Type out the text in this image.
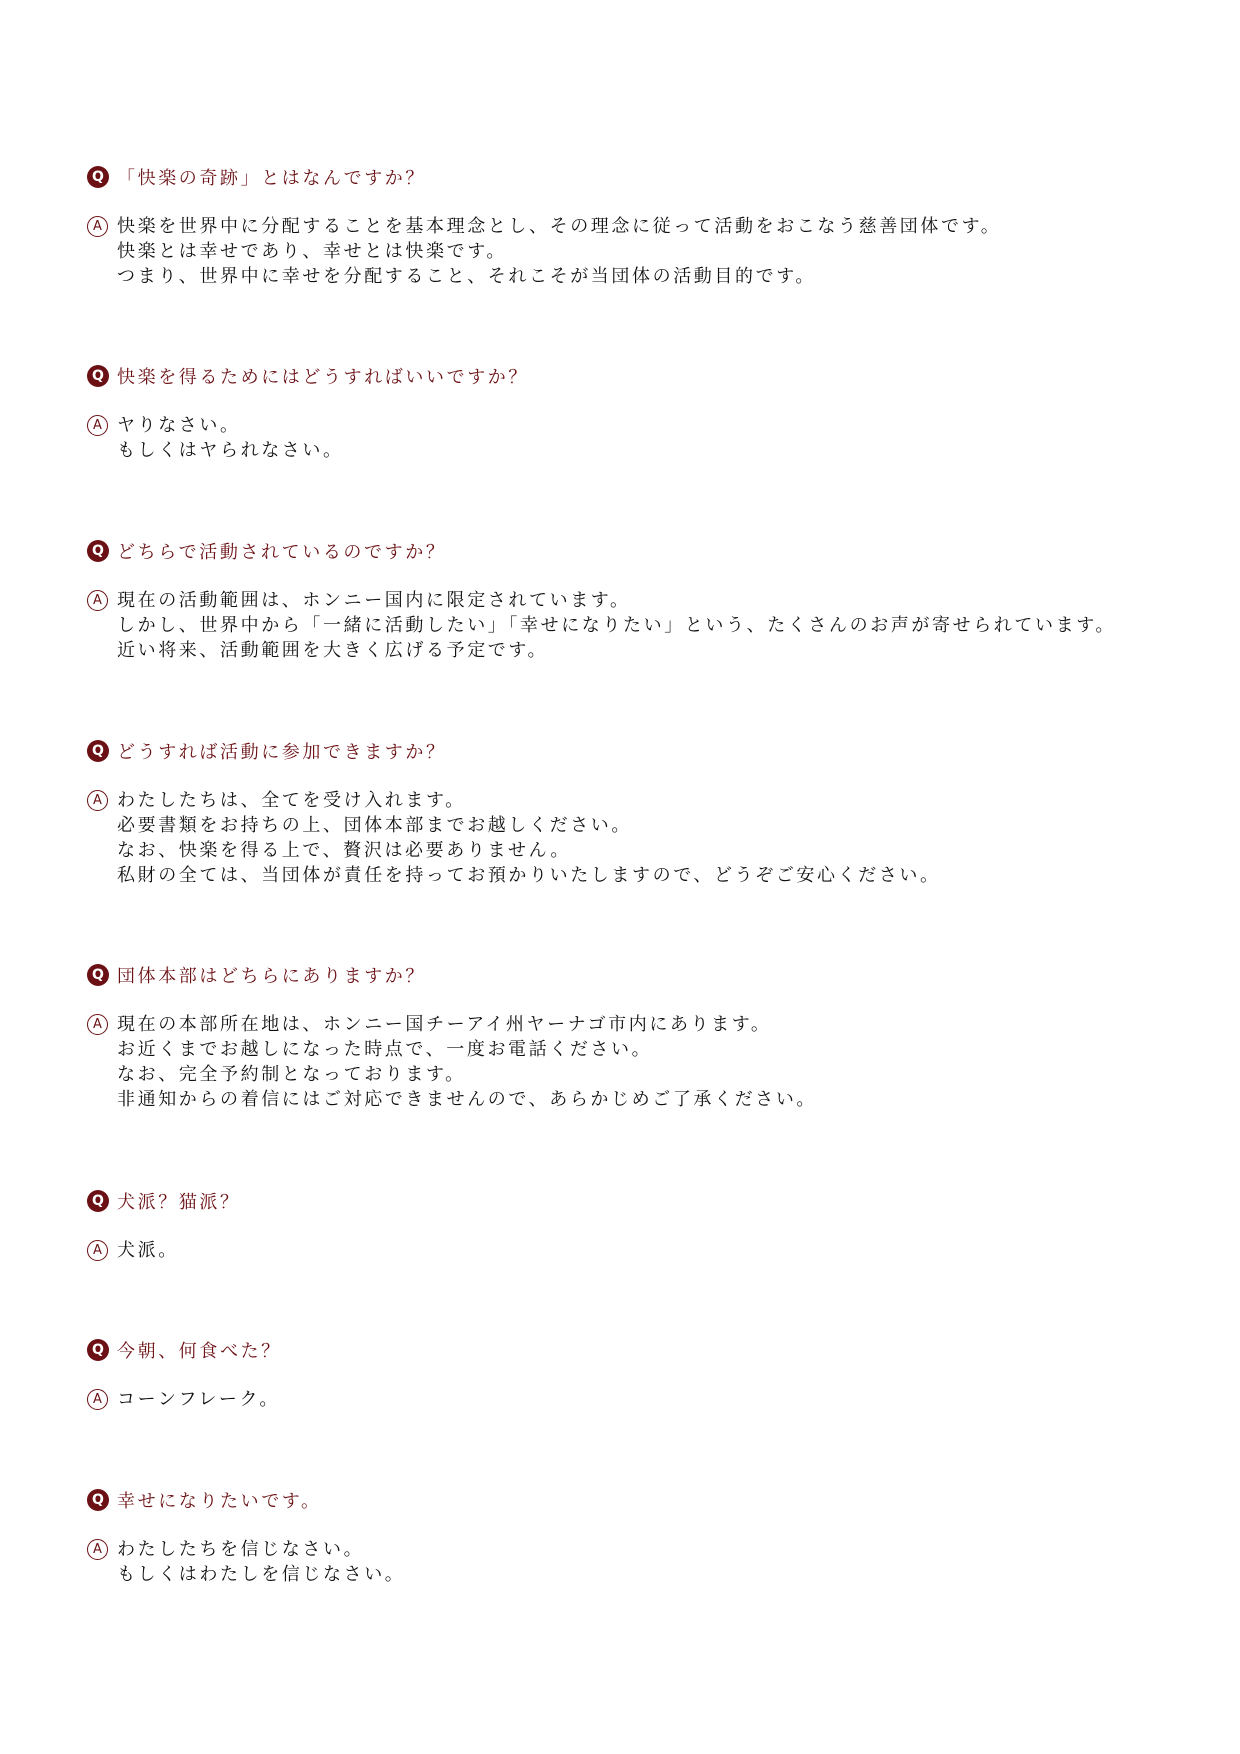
Q 「快楽の奇跡」とはなんですか？
A 快楽を世界中に分配することを基本理念とし、その理念に従って活動をおこなう慈善団体です。
快楽とは幸せであり、幸せとは快楽です。
つまり、世界中に幸せを分配すること、それこそが当団体の活動目的です。
Q 快楽を得るためにはどうすればいいですか？
A ヤりなさい。
もしくはヤられなさい。
Q どちらで活動されているのですか？
A 現在の活動範囲は、ホンニー国内に限定されています。
しかし、世界中から「一緒に活動したい」「幸せになりたい」という、たくさんのお声が寄せられています。
近い将来、活動範囲を大きく広げる予定です。
Q どうすれば活動に参加できますか？
A わたしたちは、全てを受け入れます。
必要書類をお持ちの上、団体本部までお越しください。
なお、快楽を得る上で、贅沢は必要ありません。
私財の全ては、当団体が責任を持ってお預かりいたしますので、どうぞご安心ください。
Q 団体本部はどちらにありますか？
A 現在の本部所在地は、ホンニー国チーアイ州ヤーナゴ市内にあります。
お近くまでお越しになった時点で、一度お電話ください。
なお、完全予約制となっております。
非通知からの着信にはご対応できませんので、あらかじめご了承ください。
Q 犬派？猫派？
A 犬派。
Q 今朝、何食べた？
A コーンフレーク。
Q 幸せになりたいです。
A わたしたちを信じなさい。
もしくはわたしを信じなさい。
